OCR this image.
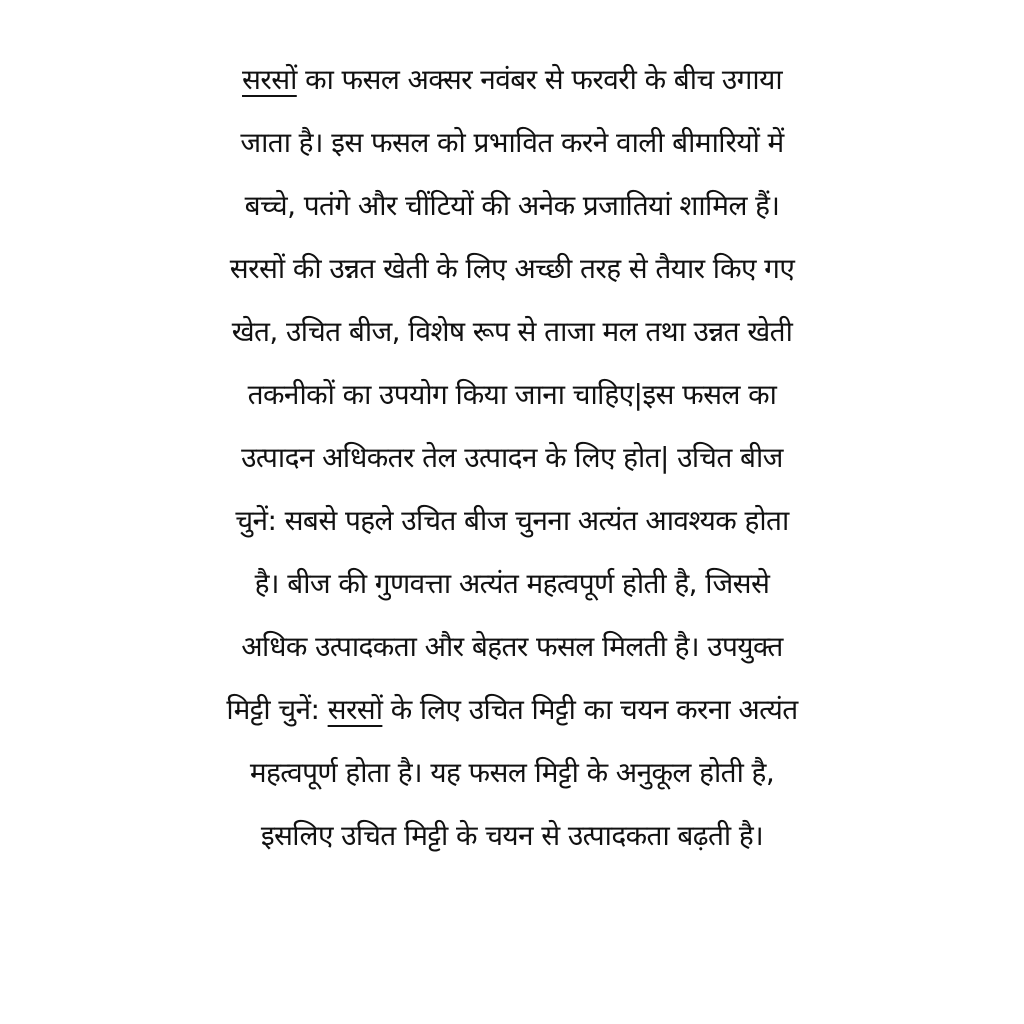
सरसों का फसल अक्सर नवंबर से फरवरी के बीच उगाया
जाता है। इस फसल को प्रभावित करने वाली बीमारियों में
बच्चे, पतंगे और चींटियों की अनेक प्रजातियां शामिल हैं।
सरसों की उन्नत खेती के लिए अच्छी तरह से तैयार किए गए
खेत, उचित बीज, विशेष रूप से ताजा मल तथा उन्नत खेती
तकनीकों का उपयोग किया जाना चाहिए|इस फसल का
उत्पादन अधिकतर तेल उत्पादन के लिए होत| उचित बीज
चुनें: सबसे पहले उचित बीज चुनना अत्यंत आवश्यक होता
है। बीज की गुणवत्ता अत्यंत महत्वपूर्ण होती है, जिससे
अधिक उत्पादकता और बेहतर फसल मिलती है। उपयुक्त
मिट्टी चुनें: सरसों के लिए उचित मिट्टी का चयन करना अत्यंत
महत्वपूर्ण होता है। यह फसल मिट्टी के अनुकूल होती है,
इसलिए उचित मिट्टी के चयन से उत्पादकता बढ़ती है।
